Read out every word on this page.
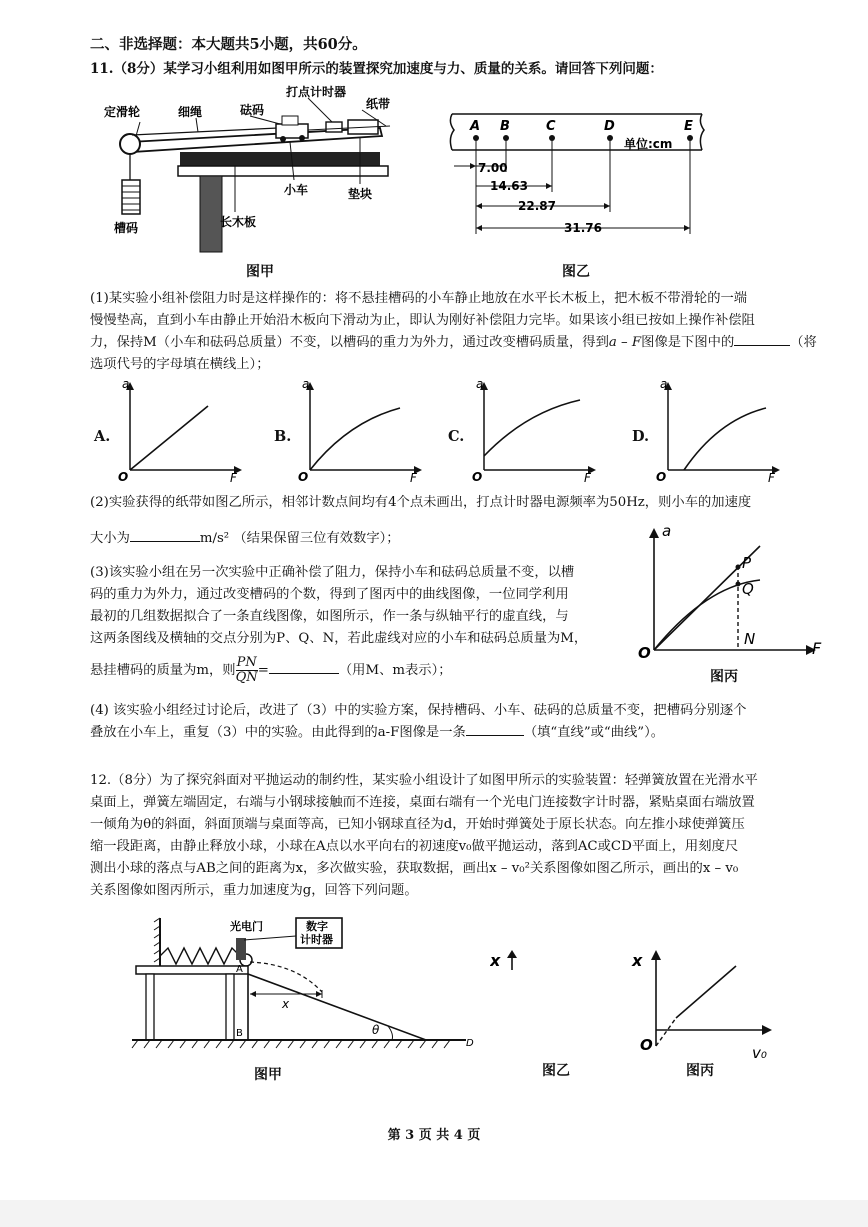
二、非选择题：本大题共5小题，共60分。
11.（8分）某学习小组利用如图甲所示的装置探究加速度与力、质量的关系。请回答下列问题：
定滑轮	细绳	砝码
打点计时器
纸带
槽码
小车
长木板
垫块
图甲
A B	C	D	E
单位:cm
7.00
14.63
22.87
31.76
图乙
(1)某实验小组补偿阻力时是这样操作的：将不悬挂槽码的小车静止地放在水平长木板上，把木板不带滑轮的一端
慢慢垫高，直到小车由静止开始沿木板向下滑动为止，即认为刚好补偿阻力完毕。如果该小组已按如上操作补偿阻
力，保持M（小车和砝码总质量）不变，以槽码的重力为外力，通过改变槽码质量，得到a – F图像是下图中的	（将
选项代号的字母填在横线上）；
A.
a
F
O
B.
a
F
O
C.
a
F
O
D.
a
F
O
(2)实验获得的纸带如图乙所示，相邻计数点间均有4个点未画出，打点计时器电源频率为50Hz，则小车的加速度
大小为	m/s² （结果保留三位有效数字）；
(3)该实验小组在另一次实验中正确补偿了阻力，保持小车和砝码总质量不变，以槽
码的重力为外力，通过改变槽码的个数，得到了图丙中的曲线图像，一位同学利用
最初的几组数据拟合了一条直线图像，如图所示，作一条与纵轴平行的虚直线，与
这两条图线及横轴的交点分别为P、Q、N，若此虚线对应的小车和砝码总质量为M，
悬挂槽码的质量为m，则 $\frac{PN}{QN}$ =	（用M、m表示）；
a
F
O
P
Q
N
图丙
(4) 该实验小组经过讨论后，改进了（3）中的实验方案，保持槽码、小车、砝码的总质量不变，把槽码分别逐个
叠放在小车上，重复（3）中的实验。由此得到的a-F图像是一条	（填“直线”或“曲线”）。
12.（8分）为了探究斜面对平抛运动的制约性，某实验小组设计了如图甲所示的实验装置：轻弹簧放置在光滑水平
桌面上，弹簧左端固定，右端与小钢球接触而不连接，桌面右端有一个光电门连接数字计时器，紧贴桌面右端放置
一倾角为θ的斜面，斜面顶端与桌面等高，已知小钢球直径为d，开始时弹簧处于原长状态。向左推小球使弹簧压
缩一段距离，由静止释放小球，小球在A点以水平向右的初速度v₀做平抛运动，落到AC或CD平面上，用刻度尺
测出小球的落点与AB之间的距离为x，多次做实验，获取数据，画出x – v₀²关系图像如图乙所示，画出的x – v₀
关系图像如图丙所示，重力加速度为g，回答下列问题。
数字
计时器
光电门
x
θ
A
B
D
图甲
x
图乙
x
O	v₀
图丙
第 3 页 共 4 页
